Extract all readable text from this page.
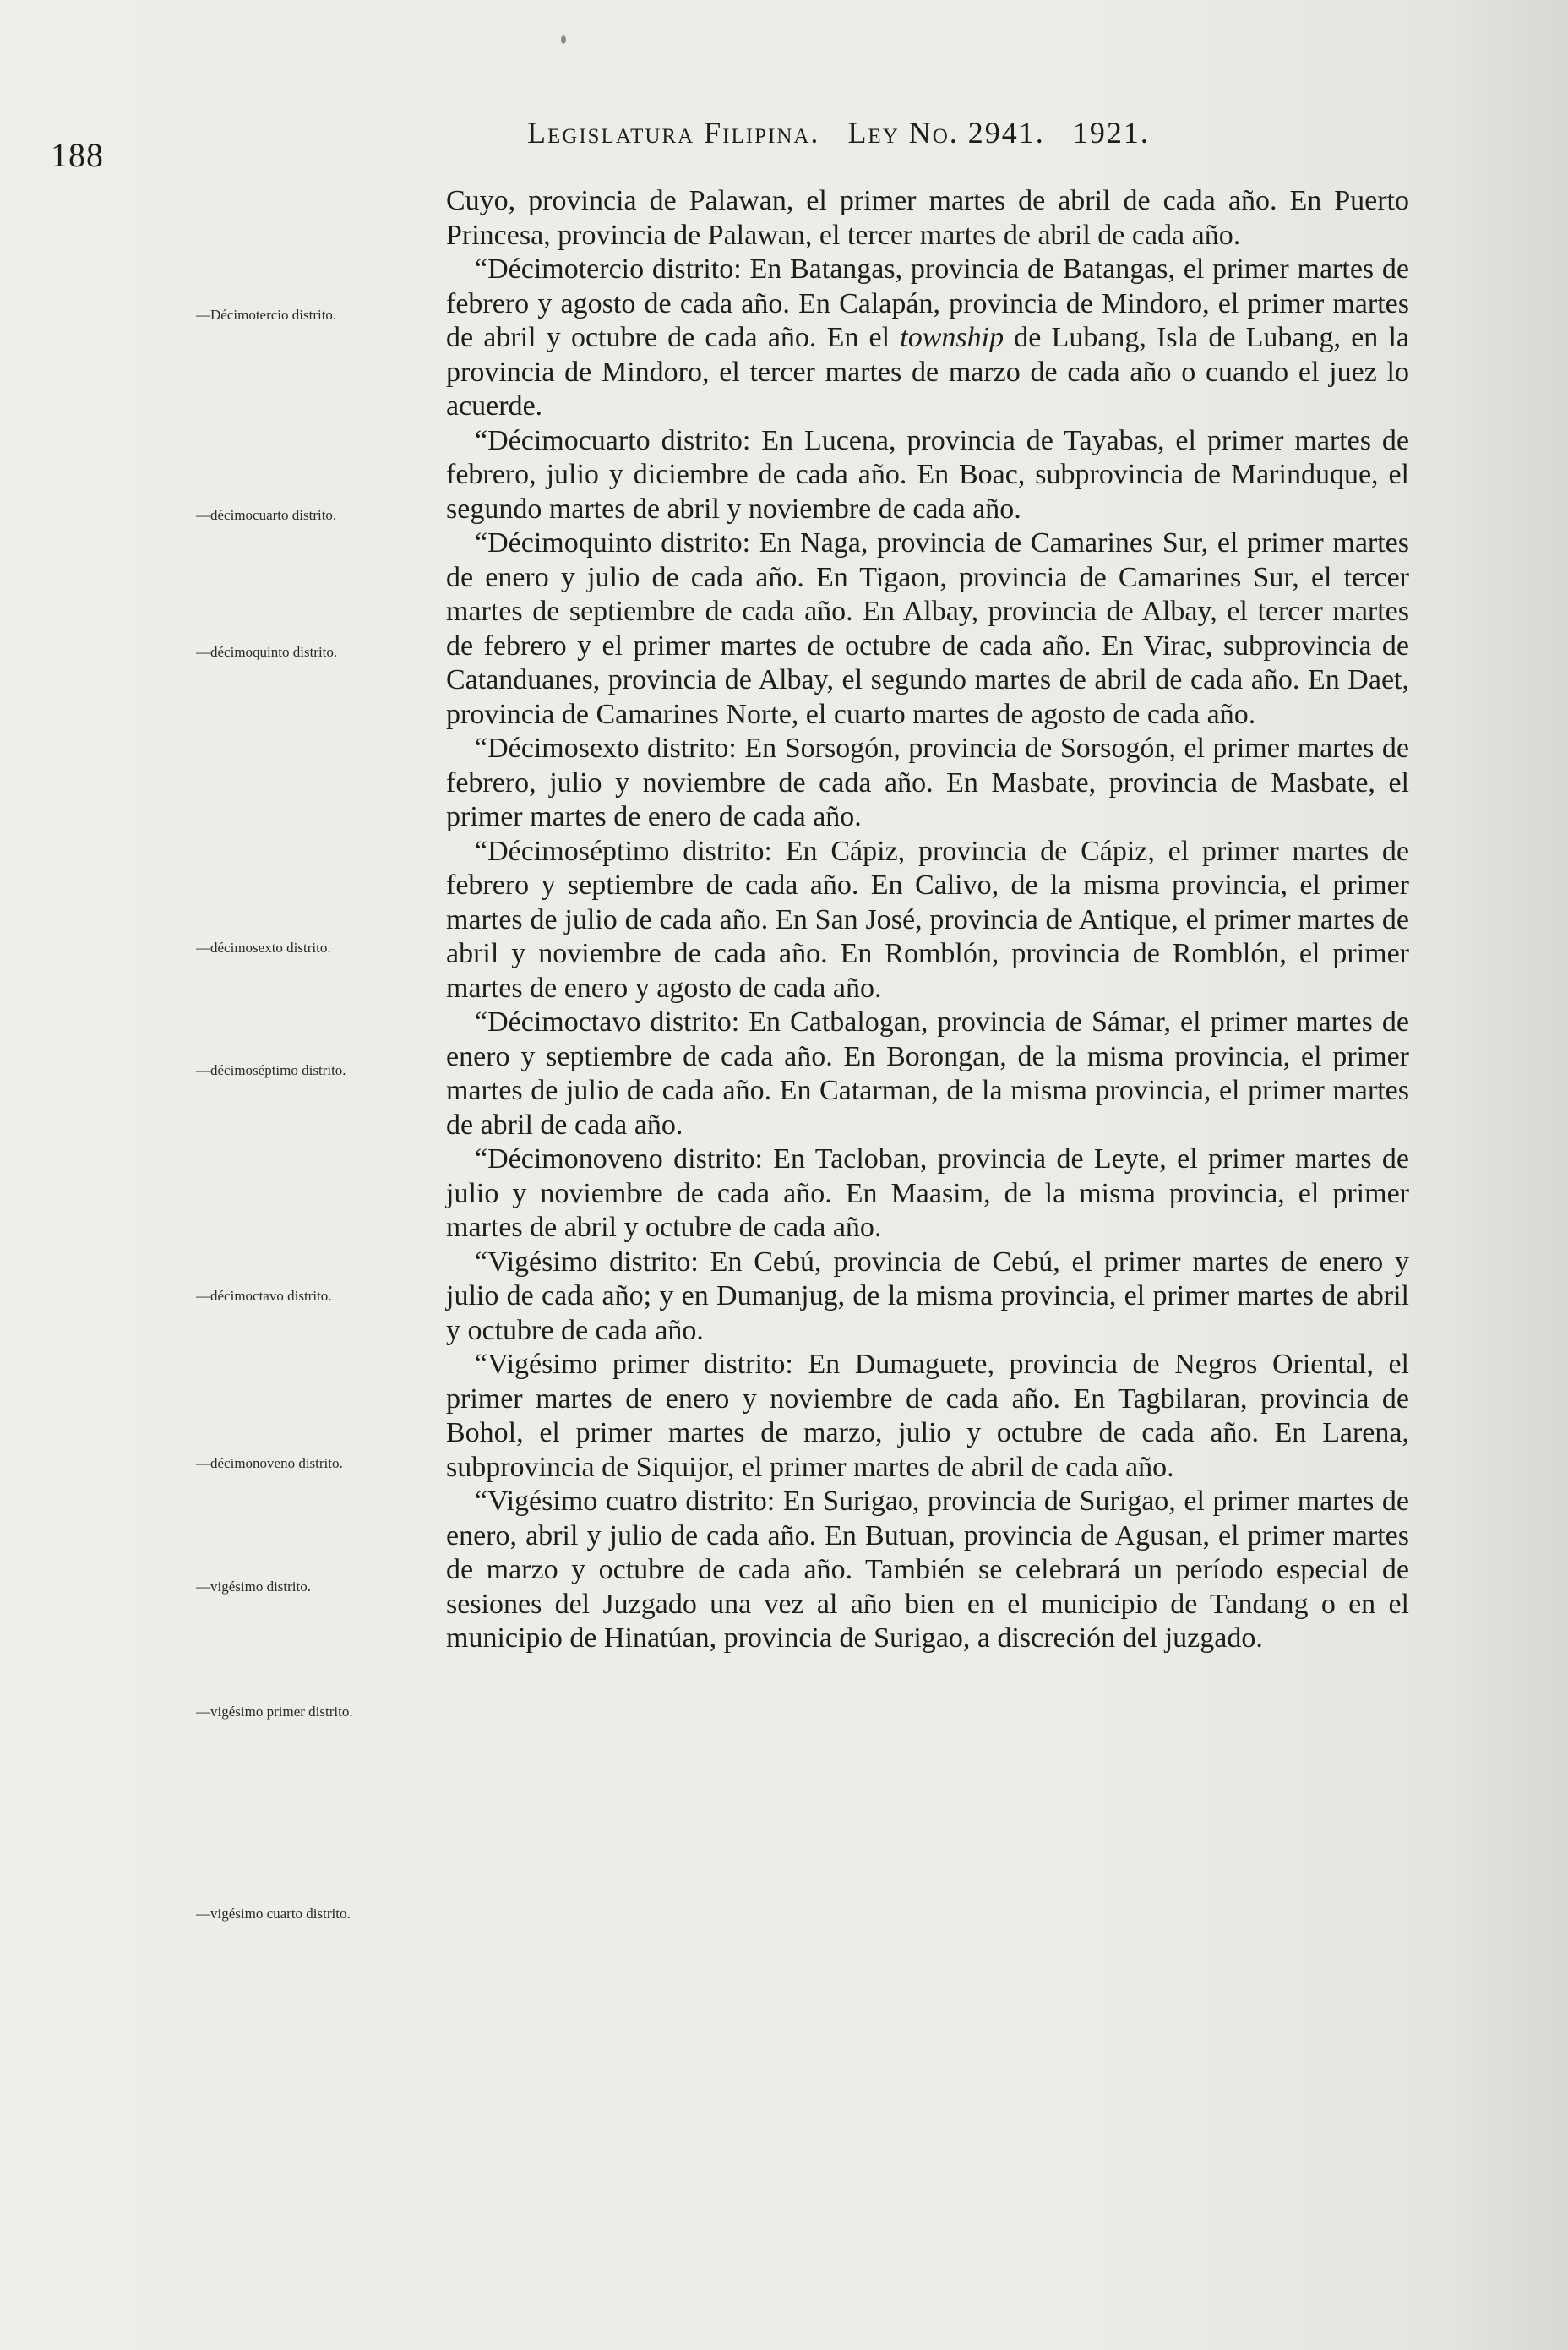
188
Legislatura Filipina. Ley No. 2941. 1921.
—Décimotercio distrito.
—décimocuarto distrito.
—décimoquinto distrito.
—décimosexto distrito.
—décimoséptimo distrito.
—décimoctavo distrito.
—décimonoveno distrito.
—vigésimo distrito.
—vigésimo primer distrito.
—vigésimo cuarto distrito.

Cuyo, provincia de Palawan, el primer martes de abril de cada año. En Puerto Princesa, provincia de Palawan, el tercer martes de abril de cada año.

“Décimotercio distrito: En Batangas, provincia de Batangas, el primer martes de febrero y agosto de cada año. En Calapán, provincia de Mindoro, el primer martes de abril y octubre de cada año. En el township de Lubang, Isla de Lubang, en la provincia de Mindoro, el tercer martes de marzo de cada año o cuando el juez lo acuerde.

“Décimocuarto distrito: En Lucena, provincia de Tayabas, el primer martes de febrero, julio y diciembre de cada año. En Boac, subprovincia de Marinduque, el segundo martes de abril y noviembre de cada año.

“Décimoquinto distrito: En Naga, provincia de Camarines Sur, el primer martes de enero y julio de cada año. En Tigaon, provincia de Camarines Sur, el tercer martes de septiembre de cada año. En Albay, provincia de Albay, el tercer martes de febrero y el primer martes de octubre de cada año. En Virac, subprovincia de Catanduanes, provincia de Albay, el segundo martes de abril de cada año. En Daet, provincia de Camarines Norte, el cuarto martes de agosto de cada año.

“Décimosexto distrito: En Sorsogón, provincia de Sorsogón, el primer martes de febrero, julio y noviembre de cada año. En Masbate, provincia de Masbate, el primer martes de enero de cada año.

“Décimoséptimo distrito: En Cápiz, provincia de Cápiz, el primer martes de febrero y septiembre de cada año. En Calivo, de la misma provincia, el primer martes de julio de cada año. En San José, provincia de Antique, el primer martes de abril y noviembre de cada año. En Romblón, provincia de Romblón, el primer martes de enero y agosto de cada año.

“Décimoctavo distrito: En Catbalogan, provincia de Sámar, el primer martes de enero y septiembre de cada año. En Borongan, de la misma provincia, el primer martes de julio de cada año. En Catarman, de la misma provincia, el primer martes de abril de cada año.

“Décimonoveno distrito: En Tacloban, provincia de Leyte, el primer martes de julio y noviembre de cada año. En Maasim, de la misma provincia, el primer martes de abril y octubre de cada año.

“Vigésimo distrito: En Cebú, provincia de Cebú, el primer martes de enero y julio de cada año; y en Dumanjug, de la misma provincia, el primer martes de abril y octubre de cada año.

“Vigésimo primer distrito: En Dumaguete, provincia de Negros Oriental, el primer martes de enero y noviembre de cada año. En Tagbilaran, provincia de Bohol, el primer martes de marzo, julio y octubre de cada año. En Larena, subprovincia de Siquijor, el primer martes de abril de cada año.

“Vigésimo cuatro distrito: En Surigao, provincia de Surigao, el primer martes de enero, abril y julio de cada año. En Butuan, provincia de Agusan, el primer martes de marzo y octubre de cada año. También se celebrará un período especial de sesiones del Juzgado una vez al año bien en el municipio de Tandang o en el municipio de Hinatúan, provincia de Surigao, a discreción del juzgado.
